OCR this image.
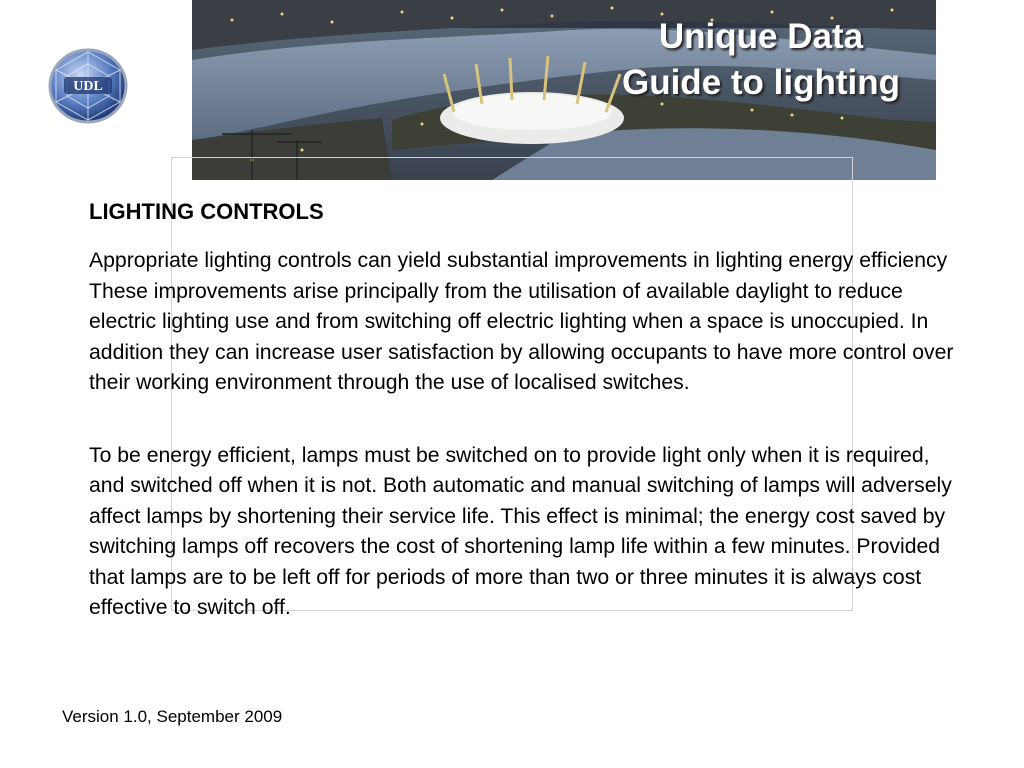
UDL
Unique Data
Guide to lighting
LIGHTING CONTROLS

Appropriate lighting controls can yield substantial improvements in lighting energy efficiency These improvements arise principally from the utilisation of available daylight to reduce electric lighting use and from switching off electric lighting when a space is unoccupied. In addition they can increase user satisfaction by allowing occupants to have more control over their working environment through the use of localised switches.

To be energy efficient, lamps must be switched on to provide light only when it is required, and switched off when it is not. Both automatic and manual switching of lamps will adversely affect lamps by shortening their service life. This effect is minimal; the energy cost saved by switching lamps off recovers the cost of shortening lamp life within a few minutes. Provided that lamps are to be left off for periods of more than two or three minutes it is always cost effective to switch off.

Version 1.0, September 2009
